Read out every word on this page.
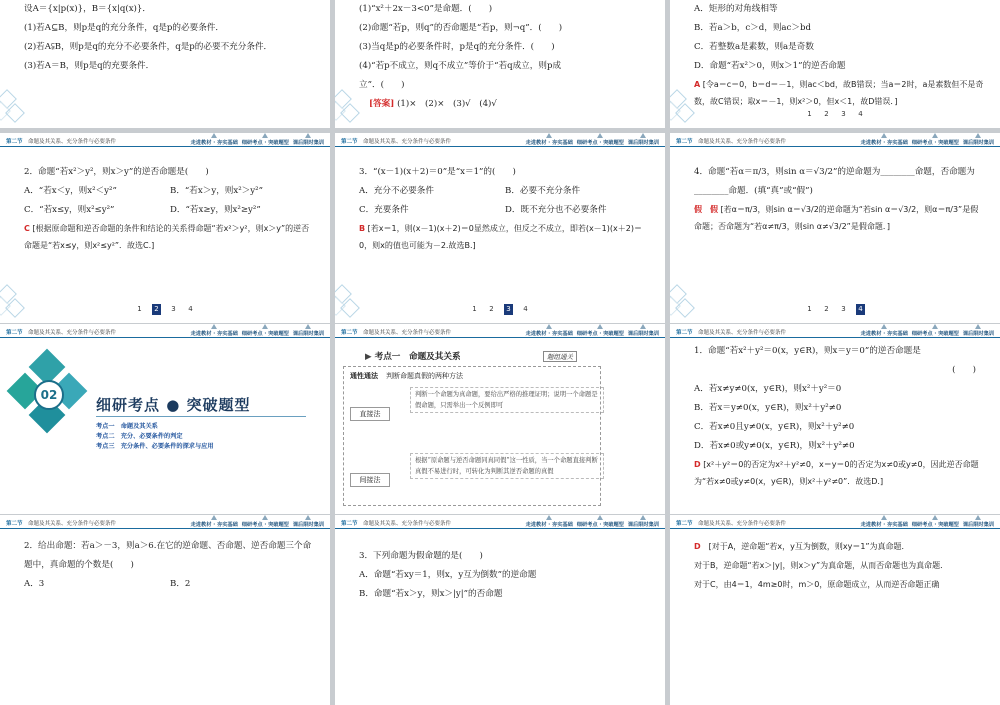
设A＝{x|p(x)}，B＝{x|q(x)}．

(1)若A⊆B，则p是q的充分条件，q是p的必要条件．

(2)若A⫋B，则p是q的充分不必要条件，q是p的必要不充分条件．

(3)若A＝B，则p是q的充要条件．

(1)“x²＋2x－3<0”是命题．(　　)

(2)命题“若p，则q”的否命题是“若p，则¬q”．(　　)

(3)当q是p的必要条件时，p是q的充分条件．(　　)

(4)“若p不成立，则q不成立”等价于“若q成立，则p成

立”．(　　)

[答案] (1)×　(2)×　(3)√　(4)√

A．矩形的对角线相等

B．若a＞b，c＞d，则ac＞bd

C．若整数a是素数，则a是奇数

D．命题“若x²＞0，则x＞1”的逆否命题

A [令a＝c＝0，b＝d＝－1，则ac＜bd，故B错误；当a＝2时，a是素数但不是奇数，故C错误；取x＝－1，则x²＞0，但x＜1，故D错误．]

1	2	3	4
第二节　 命题及其关系、充分条件与必要条件	走进教材 · 夯实基础 细研考点 · 突破题型 课后限时集训

2．命题“若x²＞y²，则x＞y”的逆否命题是(　　)

A．“若x＜y，则x²＜y²”	B．“若x＞y，则x²＞y²”
C．“若x≤y，则x²≤y²”	D．“若x≥y，则x²≥y²”

C [根据原命题和逆否命题的条件和结论的关系得命题“若x²＞y²，则x＞y”的逆否命题是“若x≤y，则x²≤y²”．故选C.]

1	2	3	4
第二节　 命题及其关系、充分条件与必要条件	走进教材 · 夯实基础 细研考点 · 突破题型 课后限时集训

3．“(x－1)(x＋2)＝0”是“x＝1”的(　　)

A．充分不必要条件	B．必要不充分条件
C．充要条件	D．既不充分也不必要条件

B [若x＝1，则(x－1)(x＋2)＝0显然成立，但反之不成立，即若(x－1)(x＋2)＝0，则x的值也可能为－2.故选B.]

1	2	3	4
第二节　 命题及其关系、充分条件与必要条件	走进教材 · 夯实基础 细研考点 · 突破题型 课后限时集训

4．命题“若α＝π/3，则sin α＝√3/2”的逆命题为________命题，否命题为________命题．(填“真”或“假”)

假　假 [若α＝π/3，则sin α＝√3/2的逆命题为“若sin α＝√3/2，则α＝π/3”是假命题；否命题为“若α≠π/3，则sin α≠√3/2”是假命题．]

1	2	3	4
第二节　 命题及其关系、充分条件与必要条件	走进教材 · 夯实基础 细研考点 · 突破题型 课后限时集训
02
细研考点 ● 突破题型
考点一　命题及其关系
考点二　充分、必要条件的判定
考点三　充分条件、必要条件的探求与应用
第二节　 命题及其关系、充分条件与必要条件	走进教材 · 夯实基础 细研考点 · 突破题型 课后限时集训
▶ 考点一　命题及其关系	题组通关
通性通法 判断命题真假的两种方法
直接法
判断一个命题为真命题，要给出严格的推理证明；说明一个命题是假命题，只需举出一个反例即可
间接法
根据“原命题与逆否命题同真同假”这一性质，当一个命题直接判断真假不易进行时，可转化为判断其逆否命题的真假
第二节　 命题及其关系、充分条件与必要条件	走进教材 · 夯实基础 细研考点 · 突破题型 课后限时集训

1．命题“若x²＋y²＝0(x，y∈R)，则x＝y＝0”的逆否命题是

(　　)

A．若x≠y≠0(x，y∈R)，则x²＋y²＝0

B．若x＝y≠0(x，y∈R)，则x²＋y²≠0

C．若x≠0且y≠0(x，y∈R)，则x²＋y²≠0

D．若x≠0或y≠0(x，y∈R)，则x²＋y²≠0

D [x²＋y²＝0的否定为x²＋y²≠0，x＝y＝0的否定为x≠0或y≠0，因此逆否命题为“若x≠0或y≠0(x，y∈R)，则x²＋y²≠0”．故选D.]

第二节　 命题及其关系、充分条件与必要条件	走进教材 · 夯实基础 细研考点 · 突破题型 课后限时集训

2．给出命题：若a＞－3，则a＞6.在它的逆命题、否命题、逆否命题三个命题中，真命题的个数是(　　)

A．3	B．2
第二节　 命题及其关系、充分条件与必要条件	走进教材 · 夯实基础 细研考点 · 突破题型 课后限时集训

3．下列命题为假命题的是(　　)

A．命题“若xy＝1，则x，y互为倒数”的逆命题

B．命题“若x＞y，则x＞|y|”的否命题

第二节　 命题及其关系、充分条件与必要条件	走进教材 · 夯实基础 细研考点 · 突破题型 课后限时集训

D　 [对于A，逆命题“若x，y互为倒数，则xy＝1”为真命题．

对于B，逆命题“若x＞|y|，则x＞y”为真命题，从而否命题也为真命题．

对于C，由4＝1，4m≥0时，m＞0，原命题成立，从而逆否命题正确
